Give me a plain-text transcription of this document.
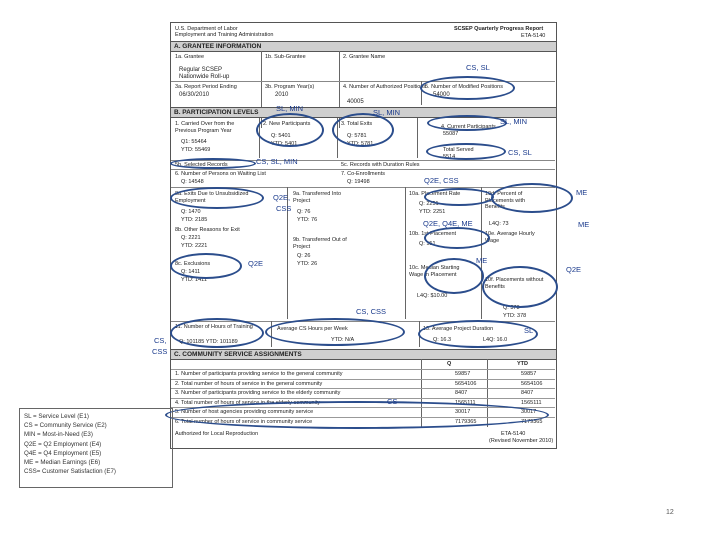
U.S. Department of Labor
Employment and Training Administration
SCSEP Quarterly Progress Report
ETA-5140
A. GRANTEE INFORMATION
1a. Grantee
Regular SCSEP
Nationwide Roll-up
1b. Sub-Grantee	2. Grantee Name
3a. Report Period Ending
06/30/2010
3b. Program Year(s)
2010
4. Number of Authorized Positions
40005
5. Number of Modified Positions
54000
B. PARTICIPATION LEVELS
1. Carried Over from the Previous Program Year
Q1: 55464
YTD: 55469
2. New Participants
Q: 5401
YTD: 5401
3. Total Exits
Q: 5781
YTD: 5781
4. Current Participants
55087
Total Served
5514
5b. Selected Records	5c. Records with Duration Rules
6. Number of Persons on Waiting List
Q: 14548
7. Co-Enrollments
Q: 19498
8a. Exits Due to Unsubsidized Employment
Q: 1470
YTD: 2185
8b. Other Reasons for Exit
Q: 2221
YTD: 2221
8c. Exclusions
Q: 1411
YTD: 1411
9a. Transferred Into Project
Q: 76
YTD: 76
9b. Transferred Out of Project
Q: 26
YTD: 26
10a. Placement Rate
Q: 2251
YTD: 2251
10b. 1st Placement
Q: 151
10c. Median Starting Wage in Placement
L4Q: $10.00
10d. Percent of Placements with Benefits
L4Q: 73
10e. Average Hourly Wage
10f. Placements without Benefits
Q: 378
YTD: 378
11. Number of Hours of Training
Q: 101185 YTD: 101189
Average CS Hours per Week
YTD: N/A
13. Average Project Duration
Q: 16.3	L4Q: 16.0
C. COMMUNITY SERVICE ASSIGNMENTS
Q	YTD
1. Number of participants providing service to the general community	59857	59857
2. Total number of hours of service in the general community	5654106	5654106
3. Number of participants providing service to the elderly community	8407	8407
4. Total number of hours of service in the elderly community	1565111	1565111
5. Number of host agencies providing community service	30017	30017
6. Total number of hours of service in community service	7179365	7179365
Authorized for Local Reproduction	ETA-5140
(Revised November 2010)
CS, SL
SL, MIN	SL, MIN
SL, MIN
CS, SL
CS, SL, MIN
Q2E, CSS
ME
Q2E,
CSS
Q2E, Q4E, ME	ME
Q2E	ME
Q2E
CS, CSS
SL
CS,
CSS
CS
SL = Service Level (E1)
CS = Community Service (E2)
MIN = Most-in-Need (E3)
Q2E = Q2 Employment (E4)
Q4E = Q4 Employment (E5)
ME = Median Earnings (E6)
CSS= Customer Satisfaction (E7)
12
